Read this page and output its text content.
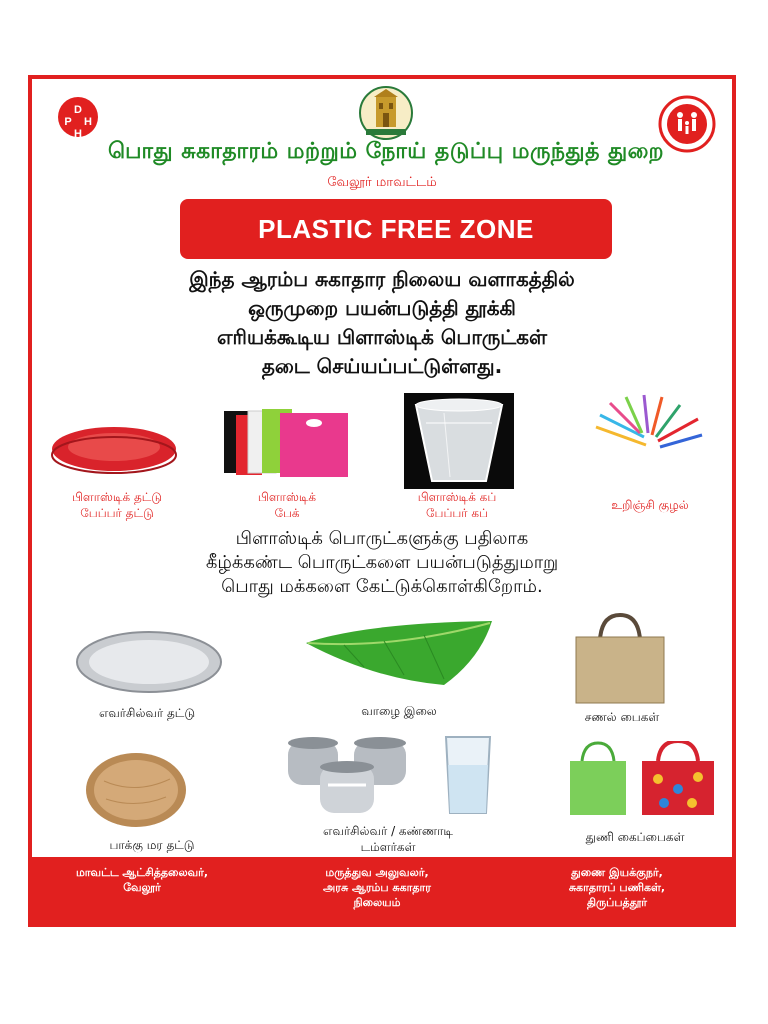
D
P H
H
பொது சுகாதாரம் மற்றும் நோய் தடுப்பு மருந்துத் துறை
வேலூர் மாவட்டம்
PLASTIC FREE ZONE
இந்த ஆரம்ப சுகாதார நிலைய வளாகத்தில்
ஒருமுறை பயன்படுத்தி தூக்கி
எரியக்கூடிய பிளாஸ்டிக் பொருட்கள்
தடை செய்யப்பட்டுள்ளது.
பிளாஸ்டிக் தட்டு
பேப்பர் தட்டு
பிளாஸ்டிக்
பேக்
பிளாஸ்டிக் கப்
பேப்பர் கப்
உறிஞ்சி குழல்
பிளாஸ்டிக் பொருட்களுக்கு பதிலாக
கீழ்க்கண்ட பொருட்களை பயன்படுத்துமாறு
பொது மக்களை கேட்டுக்கொள்கிறோம்.
எவர்சில்வர் தட்டு	வாழை இலை	சணல் பைகள்
பாக்கு மர தட்டு
எவர்சில்வர் / கண்ணாடி
டம்ளர்கள்
துணி கைப்பைகள்
மாவட்ட ஆட்சித்தலைவர்,
வேலூர்
மருத்துவ அலுவலர்,
அரசு ஆரம்ப சுகாதார
நிலையம்
துணை இயக்குநர்,
சுகாதாரப் பணிகள்,
திருப்பத்தூர்
